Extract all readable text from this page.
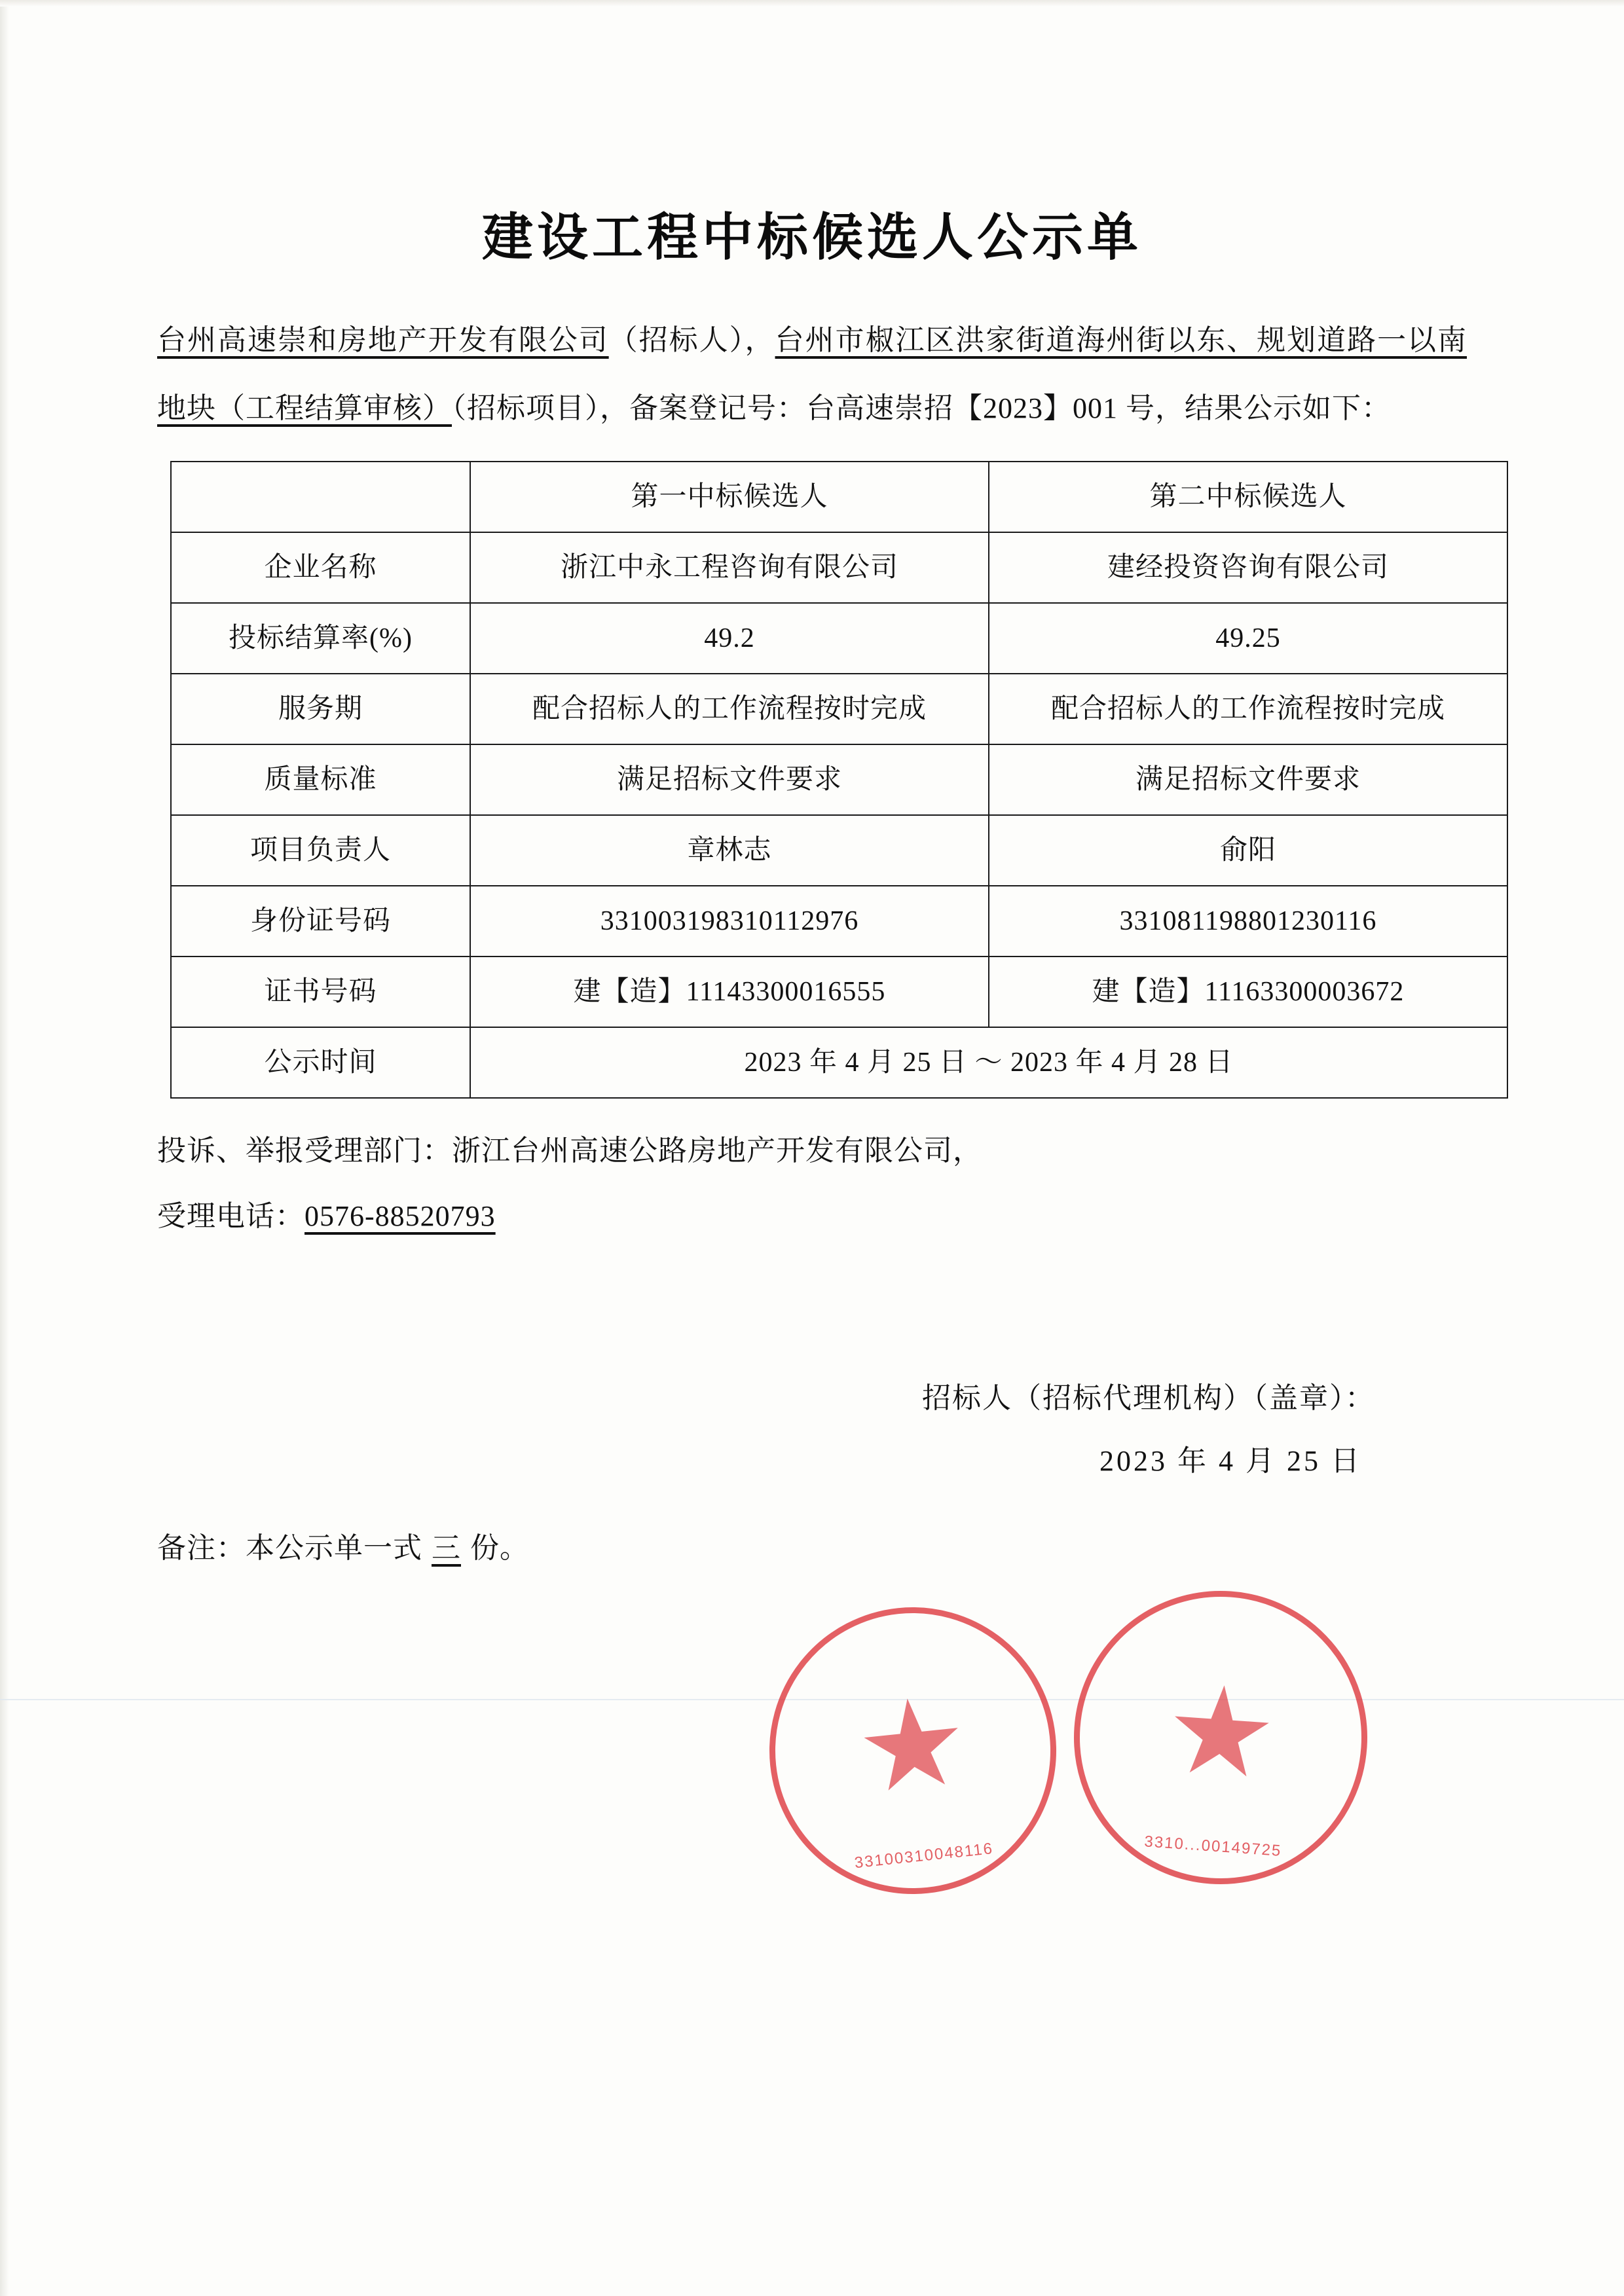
建设工程中标候选人公示单

台州高速崇和房地产开发有限公司（招标人），台州市椒江区洪家街道海州街以东、规划道路一以南地块（工程结算审核）（招标项目），备案登记号：台高速崇招【2023】001 号，结果公示如下：

	第一中标候选人	第二中标候选人
企业名称	浙江中永工程咨询有限公司	建经投资咨询有限公司
投标结算率(%)	49.2	49.25
服务期	配合招标人的工作流程按时完成	配合招标人的工作流程按时完成
质量标准	满足招标文件要求	满足招标文件要求
项目负责人	章林志	俞阳
身份证号码	331003198310112976	331081198801230116
证书号码	建【造】11143300016555	建【造】11163300003672
公示时间	2023 年 4 月 25 日 ～ 2023 年 4 月 28 日	
投诉、举报受理部门：浙江台州高速公路房地产开发有限公司，
受理电话：0576-88520793
招标人（招标代理机构）（盖章）：
2023 年 4 月 25 日
备注：本公示单一式 三 份。
33100310048116	3310...00149725
